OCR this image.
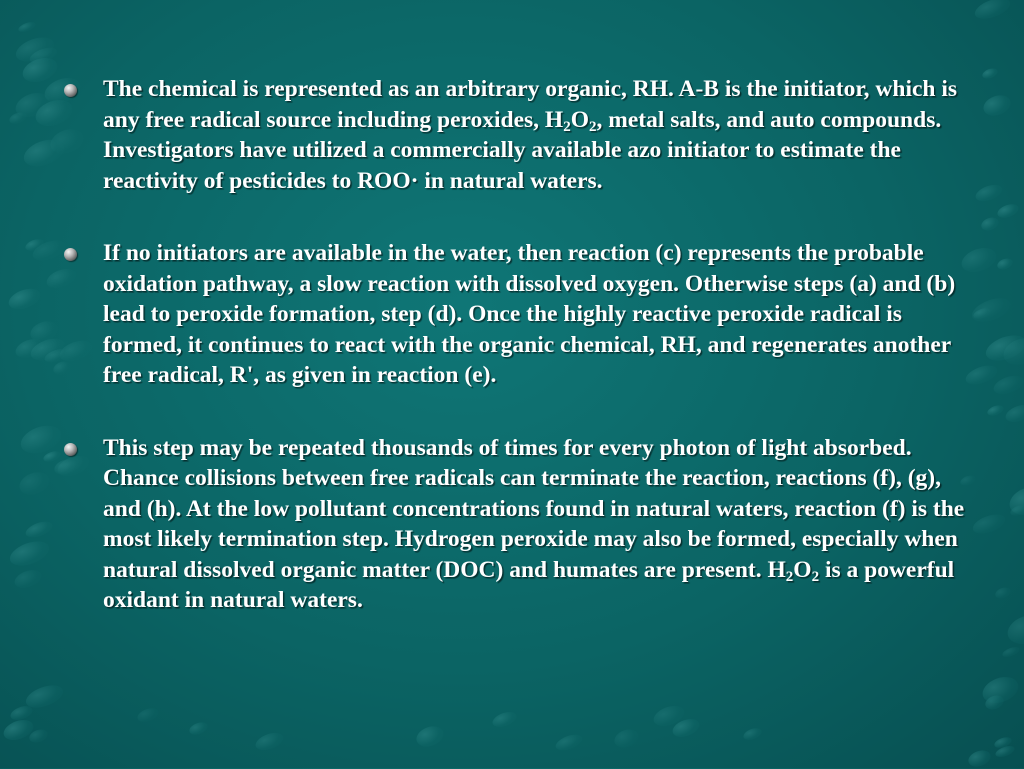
The chemical is represented as an arbitrary organic, RH. A-B is the initiator, which is any free radical source including peroxides, $H_2O_2$, metal salts, and auto compounds. Investigators have utilized a commercially available azo initiator to estimate the reactivity of pesticides to ROO· in natural waters.
If no initiators are available in the water, then reaction (c) represents the probable oxidation pathway, a slow reaction with dissolved oxygen. Otherwise steps (a) and (b) lead to peroxide formation, step (d). Once the highly reactive peroxide radical is formed, it continues to react with the organic chemical, RH, and regenerates another free radical, R', as given in reaction (e).
This step may be repeated thousands of times for every photon of light absorbed. Chance collisions between free radicals can terminate the reaction, reactions (f), (g), and (h). At the low pollutant concentrations found in natural waters, reaction (f) is the most likely termination step. Hydrogen peroxide may also be formed, especially when natural dissolved organic matter (DOC) and humates are present. $H_2O_2$ is a powerful oxidant in natural waters.
